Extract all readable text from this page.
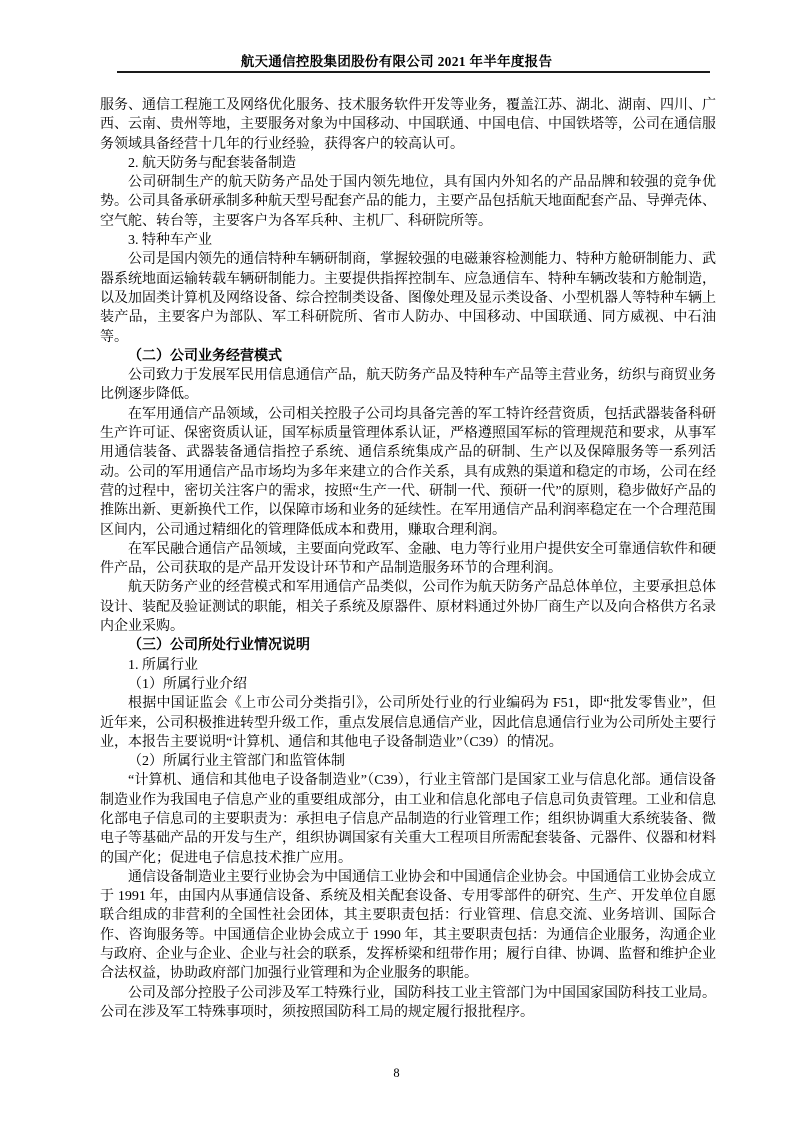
航天通信控股集团股份有限公司 2021 年半年度报告

服务、通信工程施工及网络优化服务、技术服务软件开发等业务，覆盖江苏、湖北、湖南、四川、广西、云南、贵州等地，主要服务对象为中国移动、中国联通、中国电信、中国铁塔等，公司在通信服务领域具备经营十几年的行业经验，获得客户的较高认可。

2. 航天防务与配套装备制造

公司研制生产的航天防务产品处于国内领先地位，具有国内外知名的产品品牌和较强的竞争优势。公司具备承研承制多种航天型号配套产品的能力，主要产品包括航天地面配套产品、导弹壳体、空气舵、转台等，主要客户为各军兵种、主机厂、科研院所等。

3. 特种车产业

公司是国内领先的通信特种车辆研制商，掌握较强的电磁兼容检测能力、特种方舱研制能力、武器系统地面运输转载车辆研制能力。主要提供指挥控制车、应急通信车、特种车辆改装和方舱制造，以及加固类计算机及网络设备、综合控制类设备、图像处理及显示类设备、小型机器人等特种车辆上装产品，主要客户为部队、军工科研院所、省市人防办、中国移动、中国联通、同方威视、中石油等。

（二）公司业务经营模式

公司致力于发展军民用信息通信产品，航天防务产品及特种车产品等主营业务，纺织与商贸业务比例逐步降低。

在军用通信产品领域，公司相关控股子公司均具备完善的军工特许经营资质，包括武器装备科研生产许可证、保密资质认证，国军标质量管理体系认证，严格遵照国军标的管理规范和要求，从事军用通信装备、武器装备通信指控子系统、通信系统集成产品的研制、生产以及保障服务等一系列活动。公司的军用通信产品市场均为多年来建立的合作关系，具有成熟的渠道和稳定的市场，公司在经营的过程中，密切关注客户的需求，按照“生产一代、研制一代、预研一代”的原则，稳步做好产品的推陈出新、更新换代工作，以保障市场和业务的延续性。在军用通信产品利润率稳定在一个合理范围区间内，公司通过精细化的管理降低成本和费用，赚取合理利润。

在军民融合通信产品领域，主要面向党政军、金融、电力等行业用户提供安全可靠通信软件和硬件产品，公司获取的是产品开发设计环节和产品制造服务环节的合理利润。

航天防务产业的经营模式和军用通信产品类似，公司作为航天防务产品总体单位，主要承担总体设计、装配及验证测试的职能，相关子系统及原器件、原材料通过外协厂商生产以及向合格供方名录内企业采购。

（三）公司所处行业情况说明

1. 所属行业

（1）所属行业介绍

根据中国证监会《上市公司分类指引》，公司所处行业的行业编码为 F51，即“批发零售业”，但近年来，公司积极推进转型升级工作，重点发展信息通信产业，因此信息通信行业为公司所处主要行业，本报告主要说明“计算机、通信和其他电子设备制造业”（C39）的情况。

（2）所属行业主管部门和监管体制

“计算机、通信和其他电子设备制造业”（C39），行业主管部门是国家工业与信息化部。通信设备制造业作为我国电子信息产业的重要组成部分，由工业和信息化部电子信息司负责管理。工业和信息化部电子信息司的主要职责为：承担电子信息产品制造的行业管理工作；组织协调重大系统装备、微电子等基础产品的开发与生产，组织协调国家有关重大工程项目所需配套装备、元器件、仪器和材料的国产化；促进电子信息技术推广应用。

通信设备制造业主要行业协会为中国通信工业协会和中国通信企业协会。中国通信工业协会成立于 1991 年，由国内从事通信设备、系统及相关配套设备、专用零部件的研究、生产、开发单位自愿联合组成的非营利的全国性社会团体，其主要职责包括：行业管理、信息交流、业务培训、国际合作、咨询服务等。中国通信企业协会成立于 1990 年，其主要职责包括：为通信企业服务，沟通企业与政府、企业与企业、企业与社会的联系，发挥桥梁和纽带作用；履行自律、协调、监督和维护企业合法权益，协助政府部门加强行业管理和为企业服务的职能。

公司及部分控股子公司涉及军工特殊行业，国防科技工业主管部门为中国国家国防科技工业局。公司在涉及军工特殊事项时，须按照国防科工局的规定履行报批程序。

8
